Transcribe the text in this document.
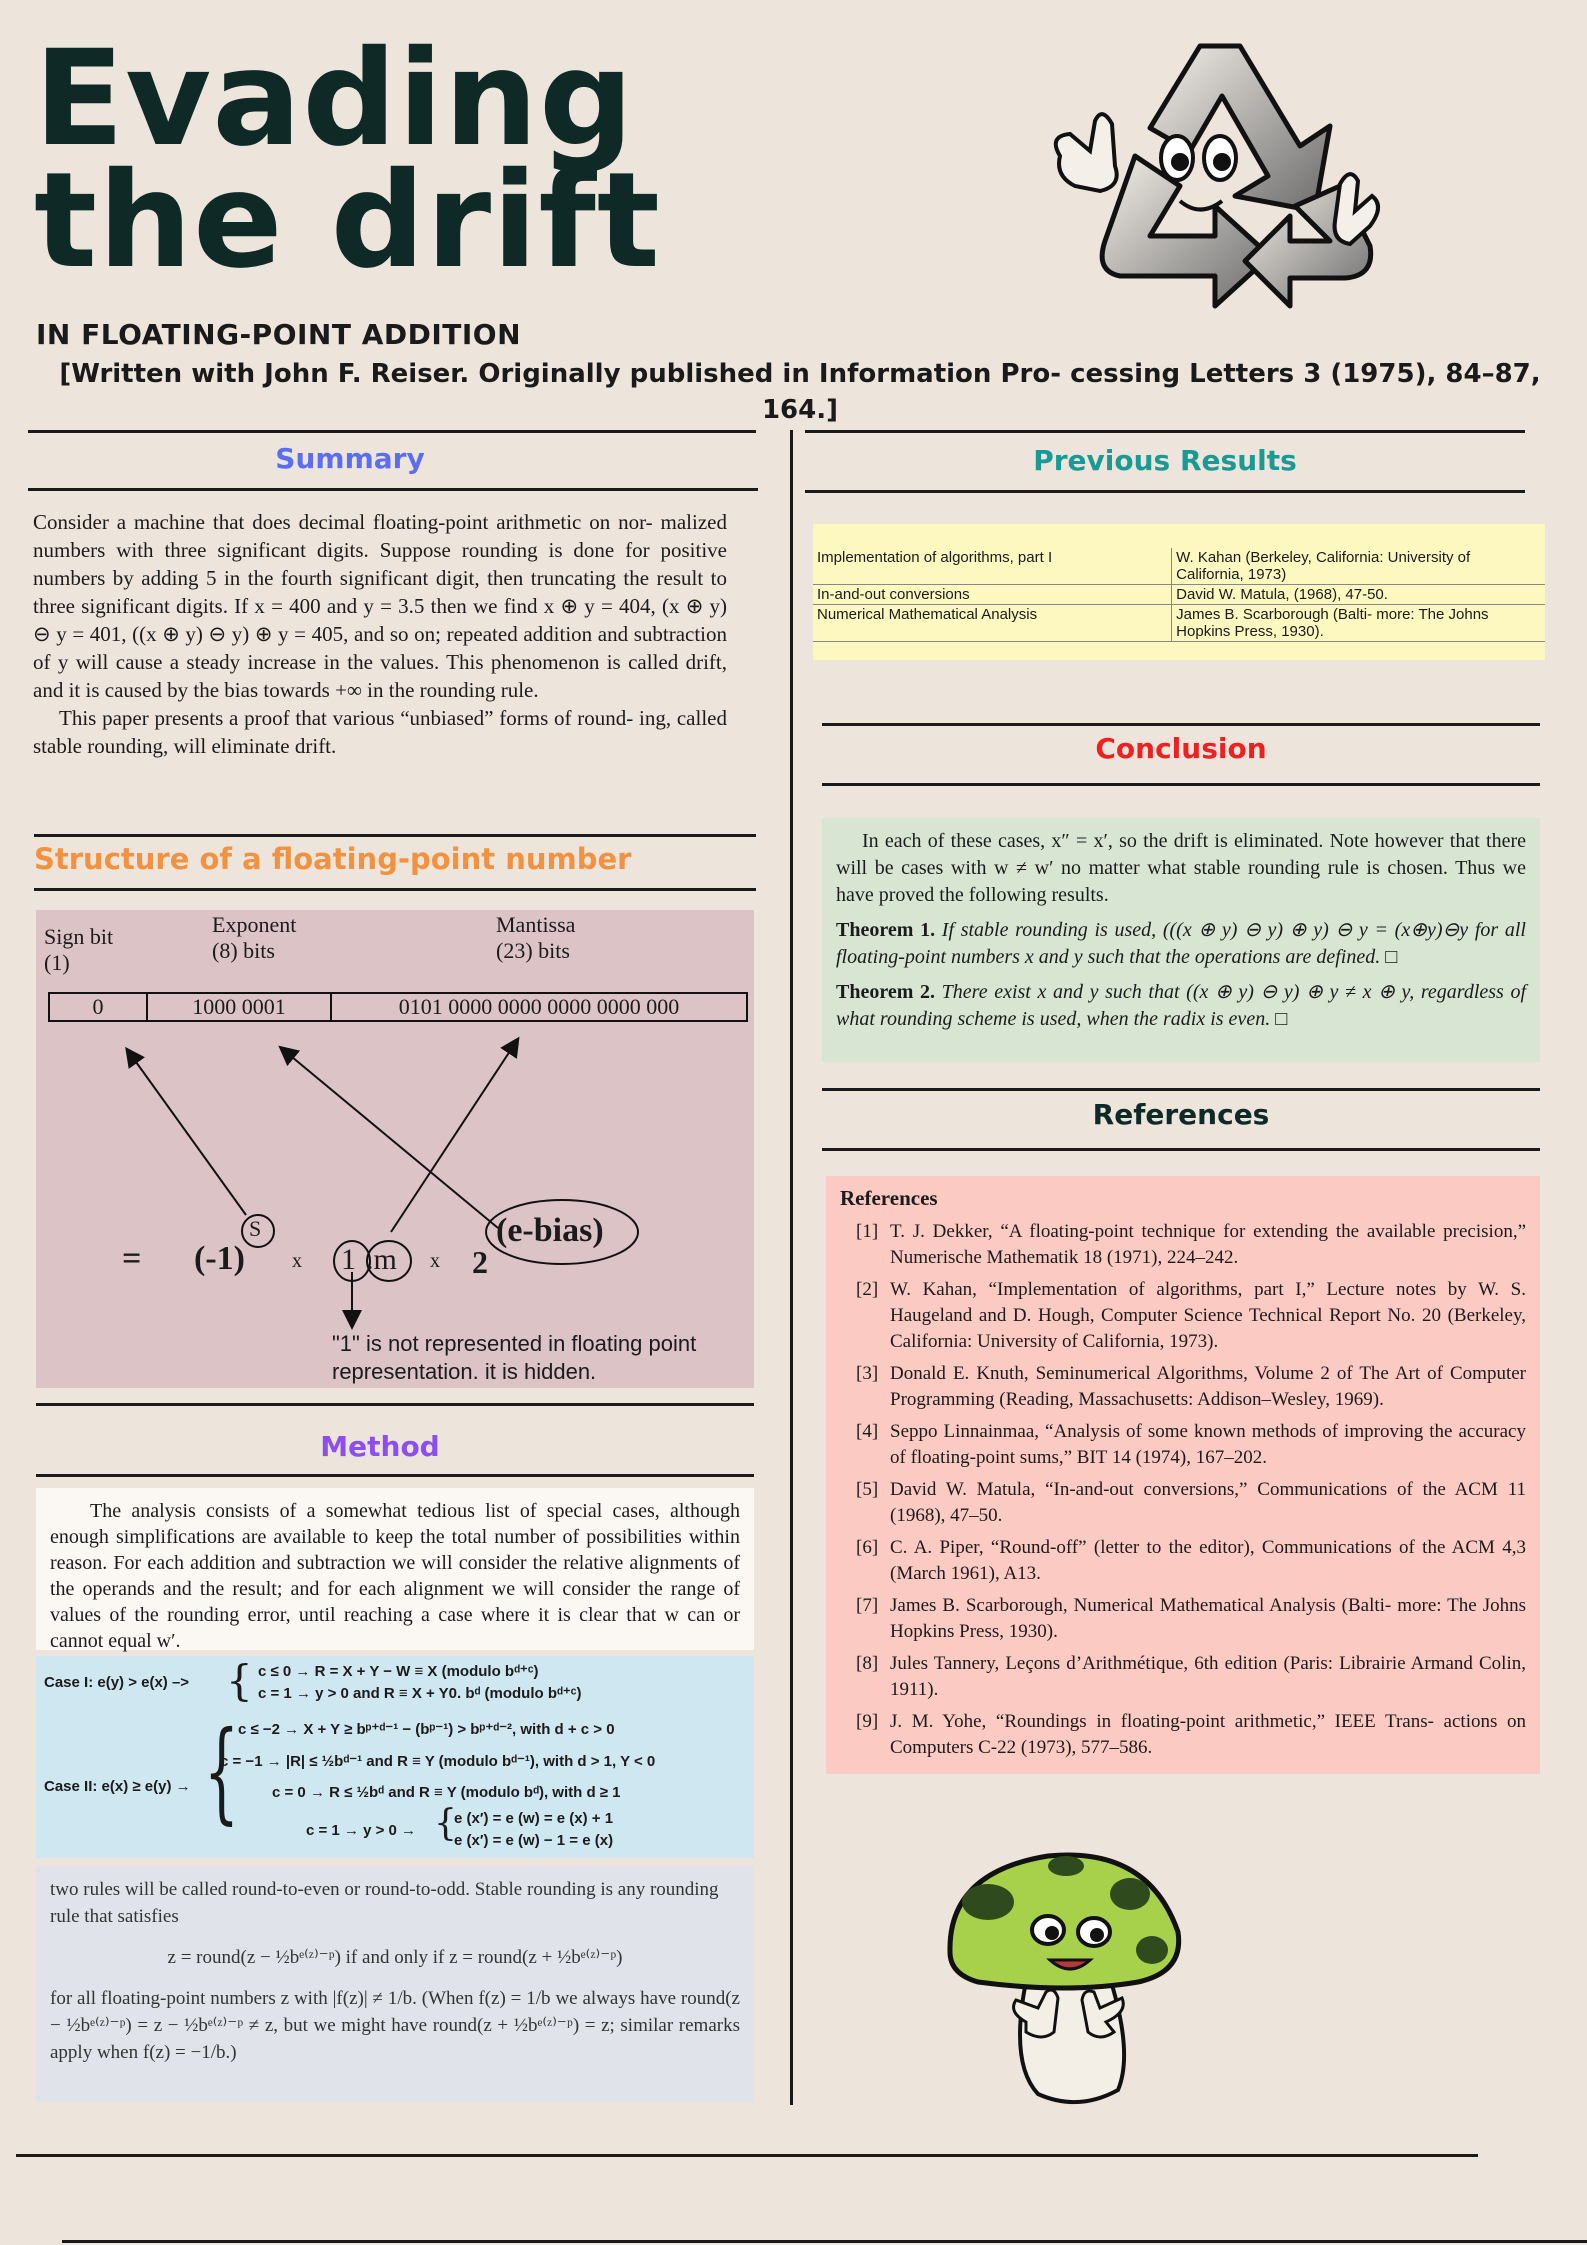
Evading
the drift
IN FLOATING-POINT ADDITION
[Written with John F. Reiser. Originally published in Information Pro- cessing Letters 3 (1975), 84–87, 164.]
Summary
Consider a machine that does decimal floating-point arithmetic on nor- malized numbers with three significant digits. Suppose rounding is done for positive numbers by adding 5 in the fourth significant digit, then truncating the result to three significant digits. If x = 400 and y = 3.5 then we find x ⊕ y = 404, (x ⊕ y) ⊖ y = 401, ((x ⊕ y) ⊖ y) ⊕ y = 405, and so on; repeated addition and subtraction of y will cause a steady increase in the values. This phenomenon is called drift, and it is caused by the bias towards +∞ in the rounding rule.
This paper presents a proof that various “unbiased” forms of round- ing, called stable rounding, will eliminate drift.
Structure of a floating-point number
Sign bit
(1)
Exponent
(8) bits
Mantissa
(23) bits
0	1000 0001	0101 0000 0000 0000 0000 000
= (-1)
S
x 1 .m x 2
(e-bias)
"1" is not represented in floating point
representation. it is hidden.
Method
The analysis consists of a somewhat tedious list of special cases, although enough simplifications are available to keep the total number of possibilities within reason. For each addition and subtraction we will consider the relative alignments of the operands and the result; and for each alignment we will consider the range of values of the rounding error, until reaching a case where it is clear that w can or cannot equal w′.
Case I: e(y) > e(x) –> { c ≤ 0 → R = X + Y − W ≡ X (modulo bᵈ⁺ᶜ)
c = 1 → y > 0 and R ≡ X + Y0. bᵈ (modulo bᵈ⁺ᶜ)
Case II: e(x) ≥ e(y) → { c ≤ −2 → X + Y ≥ bᵖ⁺ᵈ⁻¹ − (bᵖ⁻¹) > bᵖ⁺ᵈ⁻², with d + c > 0
c = −1 → |R| ≤ ½bᵈ⁻¹ and R ≡ Y (modulo bᵈ⁻¹), with d > 1, Y < 0
c = 0 → R ≤ ½bᵈ and R ≡ Y (modulo bᵈ), with d ≥ 1
c = 1 → y > 0 → {
e (x′) = e (w) = e (x) + 1
e (x′) = e (w) − 1 = e (x)
two rules will be called round-to-even or round-to-odd. Stable rounding is any rounding rule that satisfies
z = round(z − ½bᵉ⁽ᶻ⁾⁻ᵖ) if and only if z = round(z + ½bᵉ⁽ᶻ⁾⁻ᵖ)
for all floating-point numbers z with |f(z)| ≠ 1/b. (When f(z) = 1/b we always have round(z − ½bᵉ⁽ᶻ⁾⁻ᵖ) = z − ½bᵉ⁽ᶻ⁾⁻ᵖ ≠ z, but we might have round(z + ½bᵉ⁽ᶻ⁾⁻ᵖ) = z; similar remarks apply when f(z) = −1/b.)
Previous Results
Implementation of algorithms, part I	W. Kahan (Berkeley, California: University of California, 1973)
In-and-out conversions	David W. Matula, (1968), 47-50.
Numerical Mathematical Analysis	James B. Scarborough (Balti- more: The Johns Hopkins Press, 1930).
Conclusion
In each of these cases, x″ = x′, so the drift is eliminated. Note however that there will be cases with w ≠ w′ no matter what stable rounding rule is chosen. Thus we have proved the following results.
Theorem 1. If stable rounding is used, (((x ⊕ y) ⊖ y) ⊕ y) ⊖ y = (x⊕y)⊖y for all floating-point numbers x and y such that the operations are defined. □
Theorem 2. There exist x and y such that ((x ⊕ y) ⊖ y) ⊕ y ≠ x ⊕ y, regardless of what rounding scheme is used, when the radix is even. □
References
References
[1] T. J. Dekker, “A floating-point technique for extending the available precision,” Numerische Mathematik 18 (1971), 224–242.
[2] W. Kahan, “Implementation of algorithms, part I,” Lecture notes by W. S. Haugeland and D. Hough, Computer Science Technical Report No. 20 (Berkeley, California: University of California, 1973).
[3] Donald E. Knuth, Seminumerical Algorithms, Volume 2 of The Art of Computer Programming (Reading, Massachusetts: Addison–Wesley, 1969).
[4] Seppo Linnainmaa, “Analysis of some known methods of improving the accuracy of floating-point sums,” BIT 14 (1974), 167–202.
[5] David W. Matula, “In-and-out conversions,” Communications of the ACM 11 (1968), 47–50.
[6] C. A. Piper, “Round-off” (letter to the editor), Communications of the ACM 4,3 (March 1961), A13.
[7] James B. Scarborough, Numerical Mathematical Analysis (Balti- more: The Johns Hopkins Press, 1930).
[8] Jules Tannery, Leçons d’Arithmétique, 6th edition (Paris: Librairie Armand Colin, 1911).
[9] J. M. Yohe, “Roundings in floating-point arithmetic,” IEEE Trans- actions on Computers C-22 (1973), 577–586.
